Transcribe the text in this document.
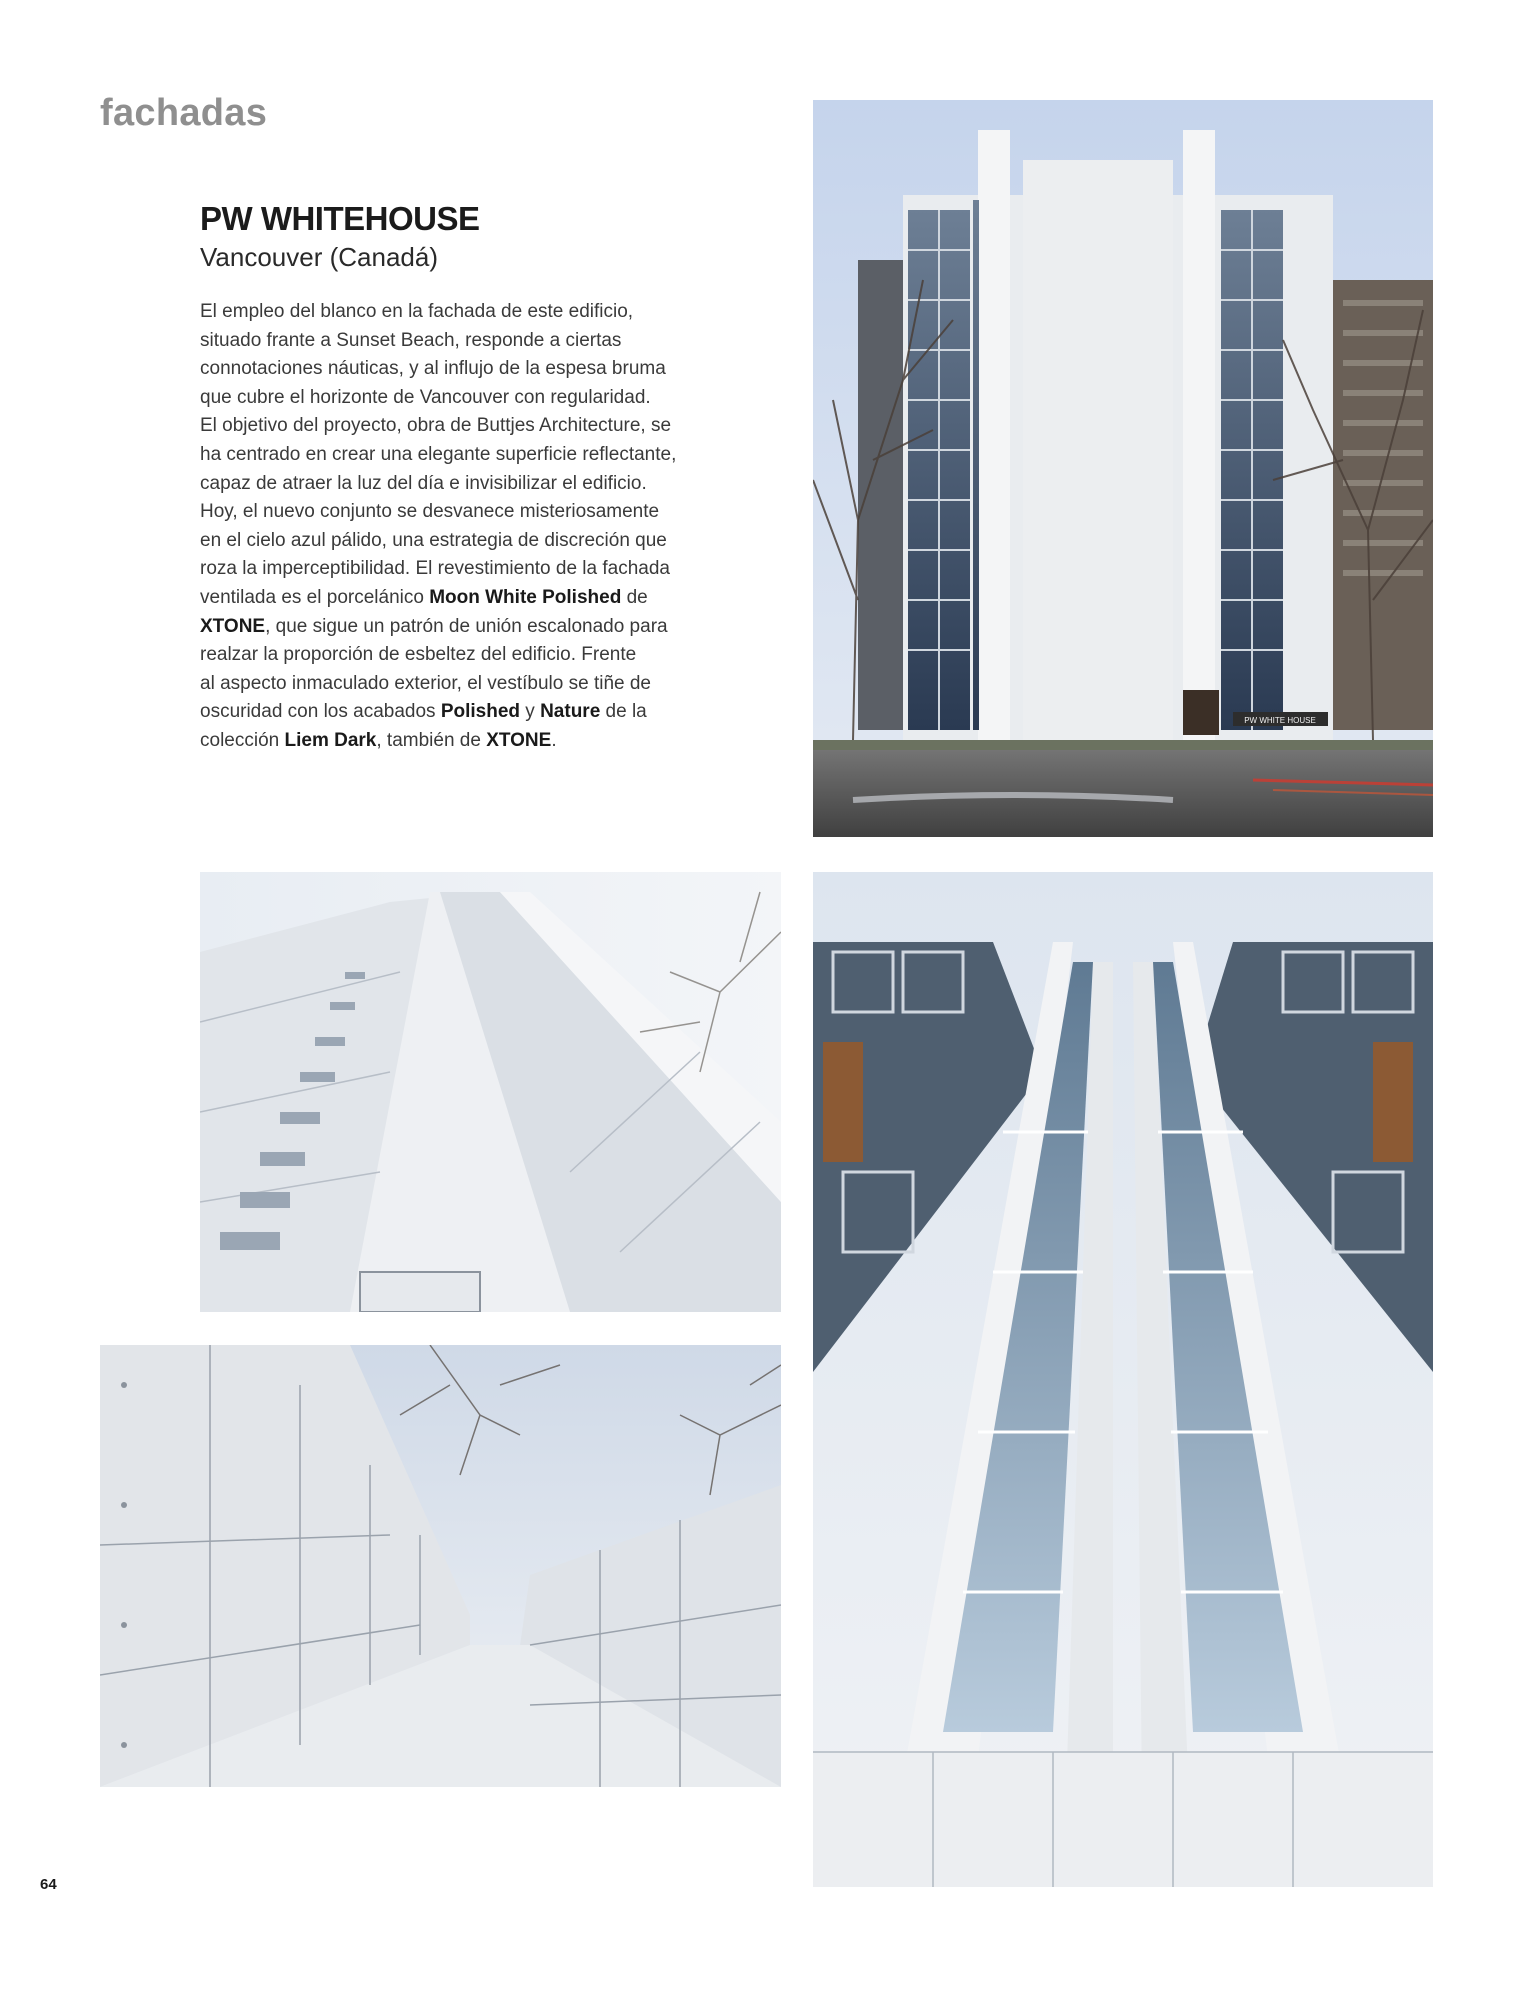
fachadas
PW WHITEHOUSE
Vancouver (Canadá)
El empleo del blanco en la fachada de este edificio,
situado frante a Sunset Beach, responde a ciertas
connotaciones náuticas, y al influjo de la espesa bruma
que cubre el horizonte de Vancouver con regularidad.
El objetivo del proyecto, obra de Buttjes Architecture, se
ha centrado en crear una elegante superficie reflectante,
capaz de atraer la luz del día e invisibilizar el edificio.
Hoy, el nuevo conjunto se desvanece misteriosamente
en el cielo azul pálido, una estrategia de discreción que
roza la imperceptibilidad. El revestimiento de la fachada
ventilada es el porcelánico Moon White Polished de
XTONE, que sigue un patrón de unión escalonado para
realzar la proporción de esbeltez del edificio. Frente
al aspecto inmaculado exterior, el vestíbulo se tiñe de
oscuridad con los acabados Polished y Nature de la
colección Liem Dark, también de XTONE.
PW WHITE HOUSE
64
